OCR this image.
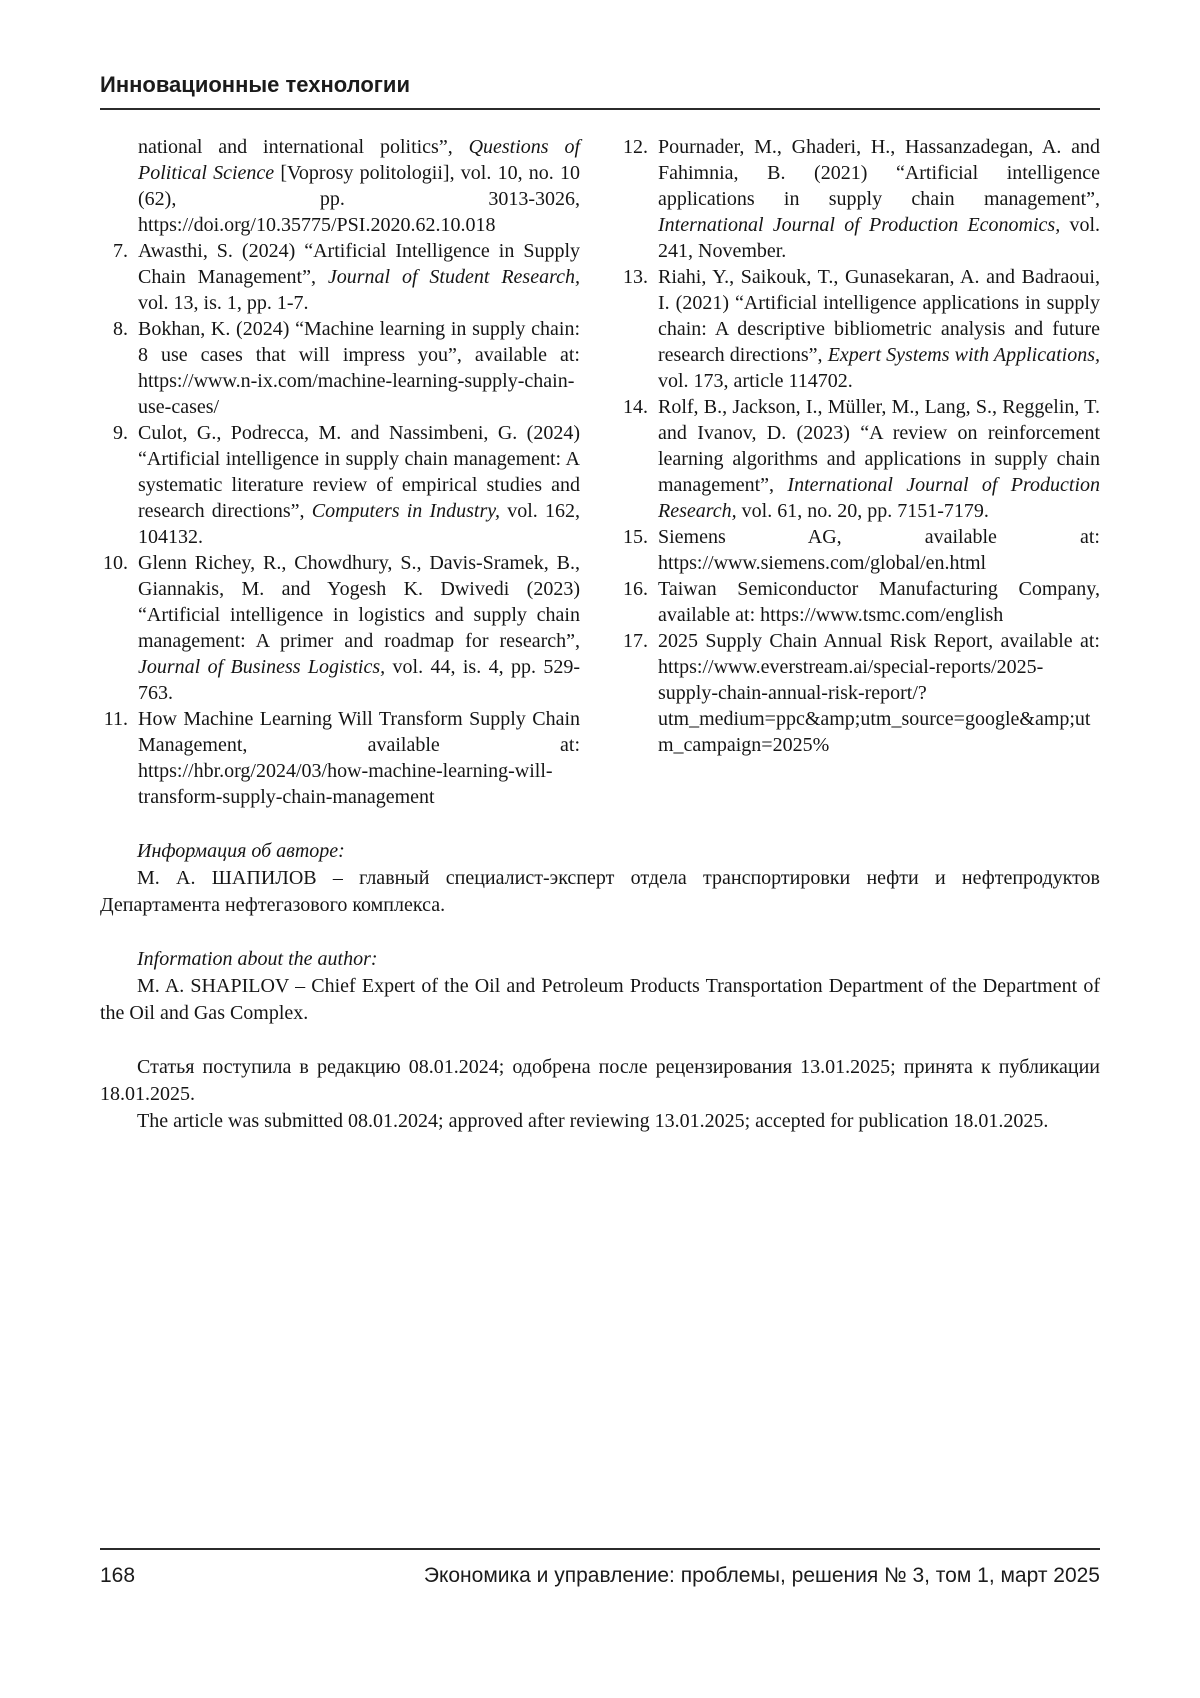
Инновационные технологии
national and international politics”, Questions of Political Science [Voprosy politologii], vol. 10, no. 10 (62), pp. 3013-3026, https://doi.org/10.35775/PSI.2020.62.10.018
7. Awasthi, S. (2024) “Artificial Intelligence in Supply Chain Management”, Journal of Student Research, vol. 13, is. 1, pp. 1-7.
8. Bokhan, K. (2024) “Machine learning in supply chain: 8 use cases that will impress you”, available at: https://www.n-ix.com/machine-learning-supply-chain-use-cases/
9. Culot, G., Podrecca, M. and Nassimbeni, G. (2024) “Artificial intelligence in supply chain management: A systematic literature review of empirical studies and research directions”, Computers in Industry, vol. 162, 104132.
10. Glenn Richey, R., Chowdhury, S., Davis-Sramek, B., Giannakis, M. and Yogesh K. Dwivedi (2023) “Artificial intelligence in logistics and supply chain management: A primer and roadmap for research”, Journal of Business Logistics, vol. 44, is. 4, pp. 529-763.
11. How Machine Learning Will Transform Supply Chain Management, available at: https://hbr.org/2024/03/how-machine-learning-will-transform-supply-chain-management
12. Pournader, M., Ghaderi, H., Hassanzadegan, A. and Fahimnia, B. (2021) “Artificial intelligence applications in supply chain management”, International Journal of Production Economics, vol. 241, November.
13. Riahi, Y., Saikouk, T., Gunasekaran, A. and Badraoui, I. (2021) “Artificial intelligence applications in supply chain: A descriptive bibliometric analysis and future research directions”, Expert Systems with Applications, vol. 173, article 114702.
14. Rolf, B., Jackson, I., Müller, M., Lang, S., Reggelin, T. and Ivanov, D. (2023) “A review on reinforcement learning algorithms and applications in supply chain management”, International Journal of Production Research, vol. 61, no. 20, pp. 7151-7179.
15. Siemens AG, available at: https://www.siemens.com/global/en.html
16. Taiwan Semiconductor Manufacturing Company, available at: https://www.tsmc.com/english
17. 2025 Supply Chain Annual Risk Report, available at: https://www.everstream.ai/special-reports/2025-supply-chain-annual-risk-report/?utm_medium=ppc&amp;utm_source=google&amp;utm_campaign=2025%

Информация об авторе:

М. А. ШАПИЛОВ – главный специалист-эксперт отдела транспортировки нефти и нефтепродуктов Департамента нефтегазового комплекса.

Information about the author:

M. A. SHAPILOV – Chief Expert of the Oil and Petroleum Products Transportation Department of the Department of the Oil and Gas Complex.

Статья поступила в редакцию 08.01.2024; одобрена после рецензирования 13.01.2025; принята к публикации 18.01.2025.

The article was submitted 08.01.2024; approved after reviewing 13.01.2025; accepted for publication 18.01.2025.

168	Экономика и управление: проблемы, решения № 3, том 1, март 2025
